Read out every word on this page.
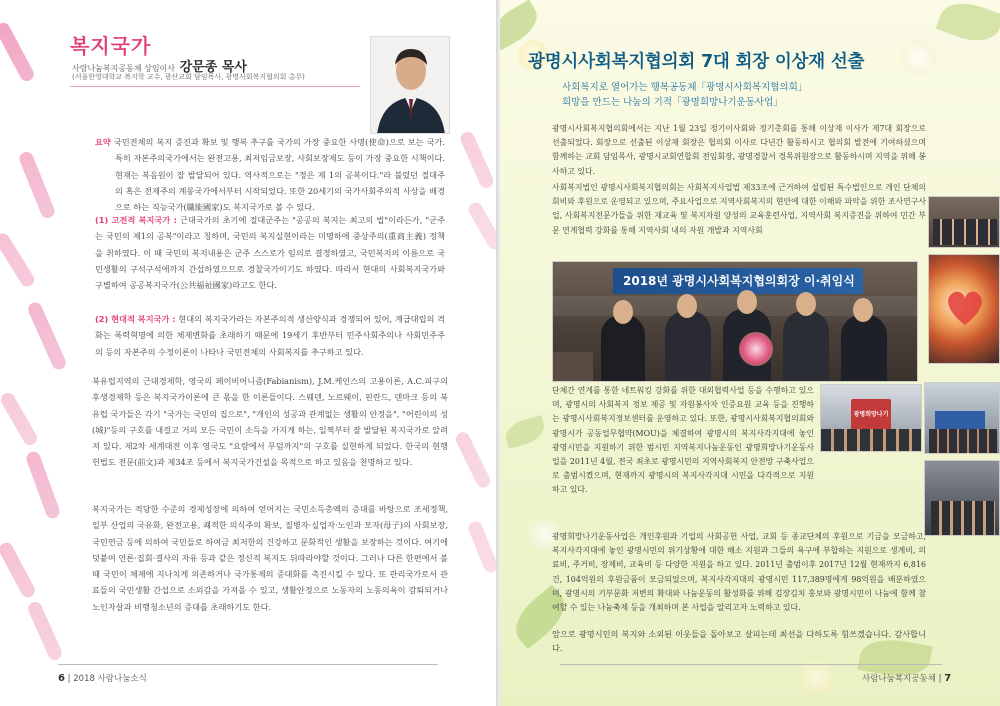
복지국가
사람나눔복지공동체 상임이사 강문종 목사
(서울한영대학교 복지학 교수, 광산교회 담임목사, 광명사회복지협의회 총무)
요약 국민전체의 복지 증진과 확보 및 행복 추구를 국가의 가장 중요한 사명(使命)으로 보는 국가. 특히 자본주의국가에서는 완전고용, 최저임금보장, 사회보장제도 등이 가장 중요한 시책이다. 현재는 복음원이 잘 발달되어 있다. 역사적으로는 "정은 제 1의 공복이다."라 불렸던 절대주의 혹은 전제주의 계몽국가에서부터 시작되었다. 또한 20세기의 국가사회주의적 사상을 배경으로 하는 직능국가(職能國家)도 복지국가로 볼 수 있다.
(1) 고전적 복지국가 : 근대국가의 초기에 절대군주는 "공공의 복지는 최고의 법"이라든가, "군주는 국민의 제1의 공복"이라고 칭하며, 국민의 복지실현이라는 미명하에 중상주의(重商主義) 정책을 취하였다. 이 때 국민의 복지내용은 군주 스스로가 임의로 결정하였고, 국민복지의 이름으로 국민생활의 구석구석에까지 간섭하였으므로 경찰국가이기도 하였다. 따라서 현대의 사회복지국가와 구별하여 공공복지국가(公共福祉國家)라고도 한다.
(2) 현대적 복지국가 : 현대의 복지국가라는 자본주의적 생산양식과 경쟁되어 있어, 계급대립의 격화는 폭력혁명에 의한 체제변화를 초래하기 때문에 19세기 후반부터 민주사회주의나 사회민주주의 등의 자본주의 수정이론이 나타나 국민전체의 사회복지를 추구하고 있다.
북유럽지역의 근대경제학, 영국의 페이비어니즘(Fabianism), J.M.케인스의 고용이론, A.C.피구의 후생경제학 등은 복지국가이론에 큰 몫을 한 이론들이다. 스웨덴, 노르웨이, 핀란드, 덴마크 등의 북유럽 국가들은 각기 "국가는 국민의 집으로", "개인의 성공과 관계없는 생활의 안정을", "어린이의 성(城)"등의 구호를 내걸고 거의 모든 국민이 소득을 가지게 하는, 일찍부터 잘 발달된 복지국가로 알려져 있다. 제2차 세계대전 이후 영국도 "요람에서 무덤까지"의 구호를 실현하게 되었다. 한국의 현행헌법도 전문(前文)과 제34조 등에서 복지국가건설을 목적으로 하고 있음을 천명하고 있다.
복지국가는 적당한 수준의 경제성장에 의하여 얻어지는 국민소득총액의 증대를 바탕으로 조세정책, 일부 산업의 국유화, 완전고용, 쾌적한 의식주의 확보, 질병자·실업자·노인과 모자(母子)의 사회보장, 국민연금 등에 의하여 국민들로 하여금 최저한의 건강하고 문화적인 생활을 보장하는 것이다. 여기에 덧붙여 언론·집회·결사의 자유 등과 같은 정신적 복지도 뒤따라야할 것이다. 그러나 다른 한편에서 볼 때 국민이 체제에 지나치게 의존하거나 국가통제의 증대화를 촉진시킬 수 있다. 또 관리국가로서 관료들의 국민생활 간섭으로 소외감을 가져올 수 있고, 생활안정으로 노동자의 노동의욕이 감퇴되거나 노인자살과 비행청소년의 증대를 초래하기도 한다.
6 | 2018 사람나눔소식
광명시사회복지협의회 7대 회장 이상재 선출
사회복지로 열어가는 행복공동체「광명시사회복지협의회」
희망을 만드는 나눔의 기적「광명희망나기운동사업」
광명시사회복지협의회에서는 지난 1월 23일 정기이사회와 정기총회를 통해 이상재 이사가 제7대 회장으로 선출되었다. 회장으로 선출된 이상재 회장은 협의회 이사로 다년간 활동하시고 협의회 발전에 기여하셨으며 함께하는 교회 담임목사, 광명시교회연합회 전임회장, 광명경찰서 경목위원장으로 활동하시며 지역을 위해 봉사하고 있다.
사회복지법인 광명시사회복지협의회는 사회복지사업법 제33조에 근거하여 설립된 특수법인으로 개인 단체의 회비와 후원으로 운영되고 있으며, 주요사업으로 지역사회복지의 현안에 대한 이해와 파악을 위한 조사연구사업, 사회복지전문가들을 위한 재교육 및 복지자원 양성의 교육훈련사업, 지역사회 복지증진을 위하여 민간 부문 연계협력 강화를 통해 지역사회 내의 자원 개발과 지역사회
2018년 광명시사회복지협의회장 이·취임식
광명희망나기
단체간 연계를 통한 네트워킹 강화를 위한 대외협력사업 등을 수행하고 있으며, 광명시의 사회복지 정보 제공 및 자원봉사자 인증요원 교육 등을 진행하는 광명시사회복지정보센터를 운영하고 있다. 또한, 광명시사회복지협의회와 광명시가 공동업무협약(MOU)을 체결하여 광명시의 복지사각지대에 놓인 광명시민을 지원하기 위한 범시민 지역복지나눔운동인 광명희망나기운동사업을 2011년 4월, 전국 최초로 광명시민의 지역사회복지 안전망 구축사업으로 출범시켰으며, 현재까지 광명시의 복지사각지대 시민을 다각적으로 지원하고 있다.
광명희망나기운동사업은 개인후원과 기업의 사회공헌 사업, 교회 등 종교단체의 후원으로 기금을 모금하고, 복지사각지대에 놓인 광명시민의 위기상황에 대한 해소 지원과 그들의 욕구에 부합하는 지원으로 생계비, 의료비, 주거비, 장제비, 교육비 등 다양한 지원을 하고 있다. 2011년 출범이후 2017년 12월 현재까지 6,816건, 104억원의 후원금품이 모금되었으며, 복지사각지대의 광명시민 117,389명에게 98억원을 배분하였으며, 광명시의 기부문화 저변의 확대와 나눔운동의 활성화를 위해 김장김치 홍보와 광명시민이 나눔에 함께 참여할 수 있는 나눔축제 등을 개최하며 본 사업을 알리고자 노력하고 있다.
앞으로 광명시민의 복지와 소외된 이웃들을 돌아보고 살피는데 최선을 다하도록 힘쓰겠습니다. 감사합니다.
사람나눔복지공동체 | 7
